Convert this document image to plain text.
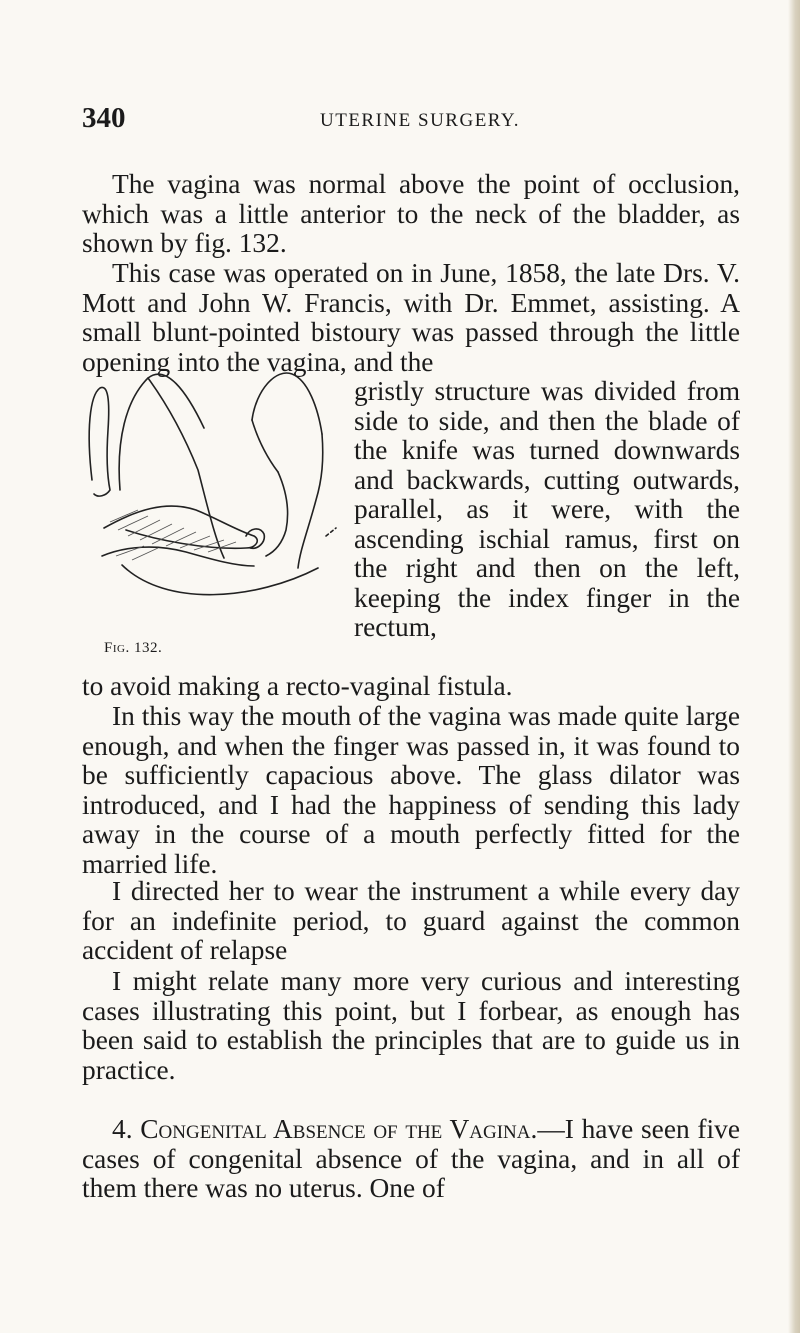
340	UTERINE SURGERY.

The vagina was normal above the point of occlusion, which was a little anterior to the neck of the bladder, as shown by fig. 132.

This case was operated on in June, 1858, the late Drs. V. Mott and John W. Francis, with Dr. Emmet, assisting. A small blunt-pointed bistoury was passed through the little opening into the vagina, and the

Fig. 132.

gristly structure was divided from side to side, and then the blade of the knife was turned downwards and backwards, cutting outwards, parallel, as it were, with the ascending ischial ramus, first on the right and then on the left, keeping the index finger in the rectum,

to avoid making a recto-vaginal fistula.

In this way the mouth of the vagina was made quite large enough, and when the finger was passed in, it was found to be sufficiently capacious above. The glass dilator was introduced, and I had the happiness of sending this lady away in the course of a mouth perfectly fitted for the married life.

I directed her to wear the instrument a while every day for an indefinite period, to guard against the common accident of relapse

I might relate many more very curious and interesting cases illustrating this point, but I forbear, as enough has been said to establish the principles that are to guide us in practice.

4. Congenital Absence of the Vagina.—I have seen five cases of congenital absence of the vagina, and in all of them there was no uterus. One of
